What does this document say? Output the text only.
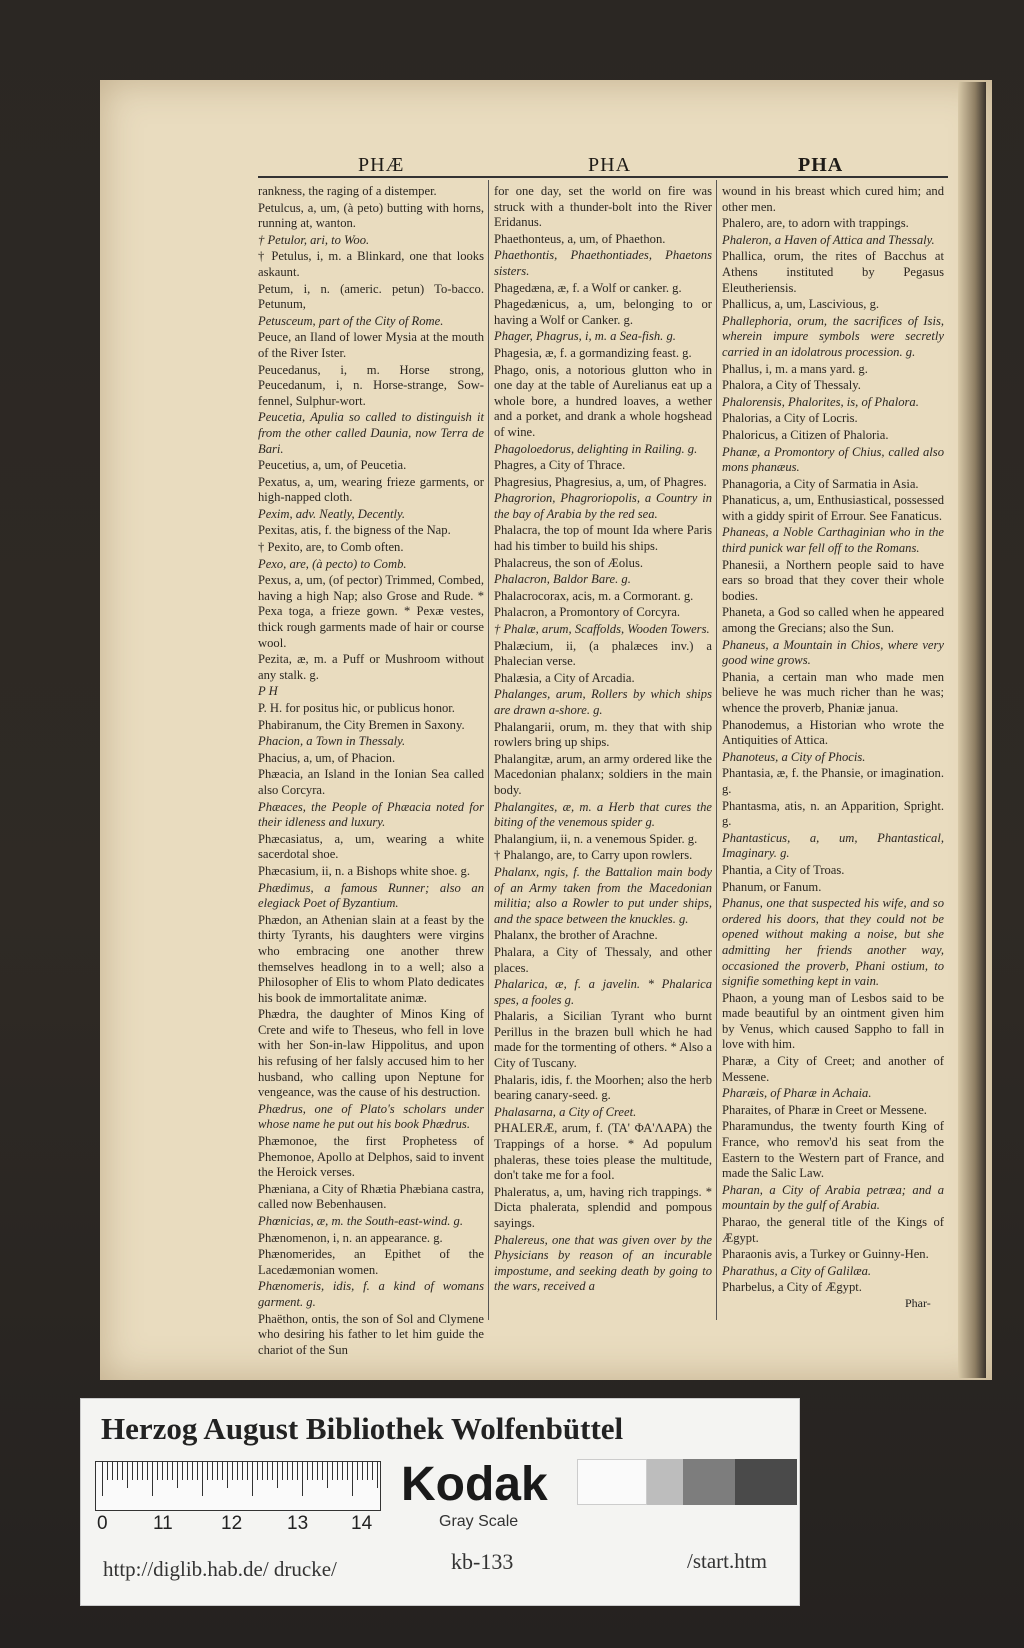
PHÆ	PHA	PHA
rankness, the raging of a distemper.
Petulcus, a, um, (à peto) butting with horns, running at, wanton.
† Petulor, ari, to Woo.
† Petulus, i, m. a Blinkard, one that looks askaunt.
Petum, i, n. (americ. petun) To-bacco. Petunum,
Petusceum, part of the City of Rome.
Peuce, an Iland of lower Mysia at the mouth of the River Ister.
Peucedanus, i, m. Horse strong, Peucedanum, i, n. Horse-strange, Sow-fennel, Sulphur-wort.
Peucetia, Apulia so called to distinguish it from the other called Daunia, now Terra de Bari.
Peucetius, a, um, of Peucetia.
Pexatus, a, um, wearing frieze garments, or high-napped cloth.
Pexim, adv. Neatly, Decently.
Pexitas, atis, f. the bigness of the Nap.
† Pexito, are, to Comb often.
Pexo, are, (à pecto) to Comb.
Pexus, a, um, (of pector) Trimmed, Combed, having a high Nap; also Grose and Rude. * Pexa toga, a frieze gown. * Pexæ vestes, thick rough garments made of hair or course wool.
Pezita, æ, m. a Puff or Mushroom without any stalk. g.
P H
P. H. for positus hic, or publicus honor.
Phabiranum, the City Bremen in Saxony.
Phacion, a Town in Thessaly.
Phacius, a, um, of Phacion.
Phæacia, an Island in the Ionian Sea called also Corcyra.
Phæaces, the People of Phæacia noted for their idleness and luxury.
Phæcasiatus, a, um, wearing a white sacerdotal shoe.
Phæcasium, ii, n. a Bishops white shoe. g.
Phædimus, a famous Runner; also an elegiack Poet of Byzantium.
Phædon, an Athenian slain at a feast by the thirty Tyrants, his daughters were virgins who embracing one another threw themselves headlong in to a well; also a Philosopher of Elis to whom Plato dedicates his book de immortalitate animæ.
Phædra, the daughter of Minos King of Crete and wife to Theseus, who fell in love with her Son-in-law Hippolitus, and upon his refusing of her falsly accused him to her husband, who calling upon Neptune for vengeance, was the cause of his destruction.
Phædrus, one of Plato's scholars under whose name he put out his book Phædrus.
Phæmonoe, the first Prophetess of Phemonoe, Apollo at Delphos, said to invent the Heroick verses.
Phæniana, a City of Rhætia Phæbiana castra, called now Bebenhausen.
Phœnicias, æ, m. the South-east-wind. g.
Phænomenon, i, n. an appearance. g.
Phænomerides, an Epithet of the Lacedæmonian women.
Phænomeris, idis, f. a kind of womans garment. g.
Phaëthon, ontis, the son of Sol and Clymene who desiring his father to let him guide the chariot of the Sun
for one day, set the world on fire was struck with a thunder-bolt into the River Eridanus.
Phaethonteus, a, um, of Phaethon.
Phaethontis, Phaethontiades, Phaetons sisters.
Phagedæna, æ, f. a Wolf or canker. g.
Phagedænicus, a, um, belonging to or having a Wolf or Canker. g.
Phager, Phagrus, i, m. a Sea-fish. g.
Phagesia, æ, f. a gormandizing feast. g.
Phago, onis, a notorious glutton who in one day at the table of Aurelianus eat up a whole bore, a hundred loaves, a wether and a porket, and drank a whole hogshead of wine.
Phagoloedorus, delighting in Railing. g.
Phagres, a City of Thrace.
Phagresius, Phagresius, a, um, of Phagres.
Phagrorion, Phagroriopolis, a Country in the bay of Arabia by the red sea.
Phalacra, the top of mount Ida where Paris had his timber to build his ships.
Phalacreus, the son of Æolus.
Phalacron, Baldor Bare. g.
Phalacrocorax, acis, m. a Cormorant. g.
Phalacron, a Promontory of Corcyra.
† Phalæ, arum, Scaffolds, Wooden Towers.
Phalæcium, ii, (a phalæces inv.) a Phalecian verse.
Phalæsia, a City of Arcadia.
Phalanges, arum, Rollers by which ships are drawn a-shore. g.
Phalangarii, orum, m. they that with ship rowlers bring up ships.
Phalangitæ, arum, an army ordered like the Macedonian phalanx; soldiers in the main body.
Phalangites, æ, m. a Herb that cures the biting of the venemous spider g.
Phalangium, ii, n. a venemous Spider. g.
† Phalango, are, to Carry upon rowlers.
Phalanx, ngis, f. the Battalion main body of an Army taken from the Macedonian militia; also a Rowler to put under ships, and the space between the knuckles. g.
Phalanx, the brother of Arachne.
Phalara, a City of Thessaly, and other places.
Phalarica, æ, f. a javelin. * Phalarica spes, a fooles g.
Phalaris, a Sicilian Tyrant who burnt Perillus in the brazen bull which he had made for the tormenting of others. * Also a City of Tuscany.
Phalaris, idis, f. the Moorhen; also the herb bearing canary-seed. g.
Phalasarna, a City of Creet.
PHALERÆ, arum, f. (ΤΑ' ΦΑ'ΛΑΡΑ) the Trappings of a horse. * Ad populum phaleras, these toies please the multitude, don't take me for a fool.
Phaleratus, a, um, having rich trappings. * Dicta phalerata, splendid and pompous sayings.
Phalereus, one that was given over by the Physicians by reason of an incurable impostume, and seeking death by going to the wars, received a
wound in his breast which cured him; and other men.
Phalero, are, to adorn with trappings.
Phaleron, a Haven of Attica and Thessaly.
Phallica, orum, the rites of Bacchus at Athens instituted by Pegasus Eleutheriensis.
Phallicus, a, um, Lascivious, g.
Phallephoria, orum, the sacrifices of Isis, wherein impure symbols were secretly carried in an idolatrous procession. g.
Phallus, i, m. a mans yard. g.
Phalora, a City of Thessaly.
Phalorensis, Phalorites, is, of Phalora.
Phalorias, a City of Locris.
Phaloricus, a Citizen of Phaloria.
Phanæ, a Promontory of Chius, called also mons phanæus.
Phanagoria, a City of Sarmatia in Asia.
Phanaticus, a, um, Enthusiastical, possessed with a giddy spirit of Errour. See Fanaticus.
Phaneas, a Noble Carthaginian who in the third punick war fell off to the Romans.
Phanesii, a Northern people said to have ears so broad that they cover their whole bodies.
Phaneta, a God so called when he appeared among the Grecians; also the Sun.
Phaneus, a Mountain in Chios, where very good wine grows.
Phania, a certain man who made men believe he was much richer than he was; whence the proverb, Phaniæ janua.
Phanodemus, a Historian who wrote the Antiquities of Attica.
Phanoteus, a City of Phocis.
Phantasia, æ, f. the Phansie, or imagination. g.
Phantasma, atis, n. an Apparition, Spright. g.
Phantasticus, a, um, Phantastical, Imaginary. g.
Phantia, a City of Troas.
Phanum, or Fanum.
Phanus, one that suspected his wife, and so ordered his doors, that they could not be opened without making a noise, but she admitting her friends another way, occasioned the proverb, Phani ostium, to signifie something kept in vain.
Phaon, a young man of Lesbos said to be made beautiful by an ointment given him by Venus, which caused Sappho to fall in love with him.
Pharæ, a City of Creet; and another of Messene.
Pharæis, of Pharæ in Achaia.
Pharaites, of Pharæ in Creet or Messene.
Pharamundus, the twenty fourth King of France, who remov'd his seat from the Eastern to the Western part of France, and made the Salic Law.
Pharan, a City of Arabia petræa; and a mountain by the gulf of Arabia.
Pharao, the general title of the Kings of Ægypt.
Pharaonis avis, a Turkey or Guinny-Hen.
Pharathus, a City of Galilæa.
Pharbelus, a City of Ægypt.
Phar-
Herzog August Bibliothek Wolfenbüttel
0 11	12 13 14
Kodak
Gray Scale
kb-133
http://diglib.hab.de/ drucke/	/start.htm
